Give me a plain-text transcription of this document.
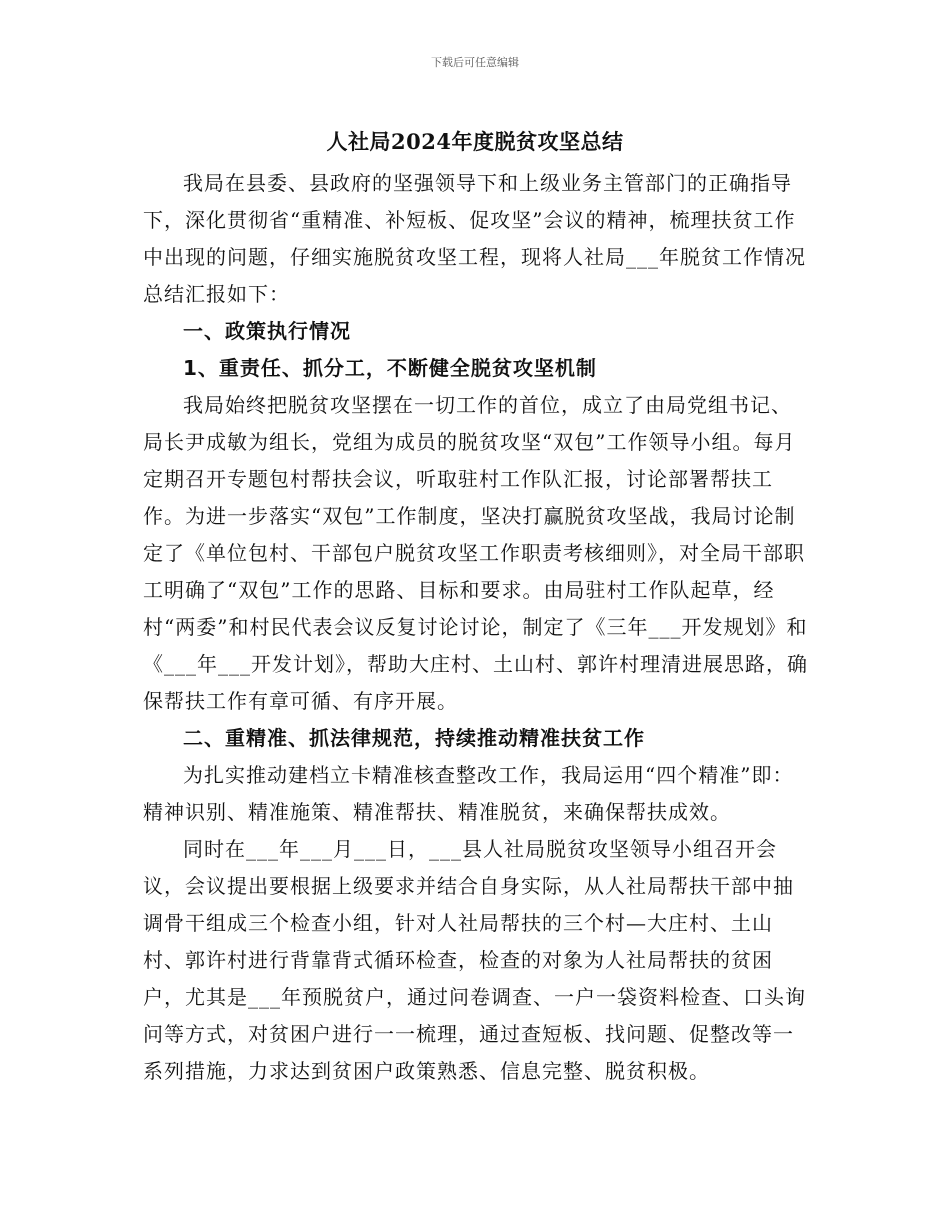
下载后可任意编辑
人社局2024年度脱贫攻坚总结

我局在县委、县政府的坚强领导下和上级业务主管部门的正确指导下，深化贯彻省“重精准、补短板、促攻坚”会议的精神，梳理扶贫工作中出现的问题，仔细实施脱贫攻坚工程，现将人社局___年脱贫工作情况总结汇报如下：

一、政策执行情况

1、重责任、抓分工，不断健全脱贫攻坚机制

我局始终把脱贫攻坚摆在一切工作的首位，成立了由局党组书记、局长尹成敏为组长，党组为成员的脱贫攻坚“双包”工作领导小组。每月定期召开专题包村帮扶会议，听取驻村工作队汇报，讨论部署帮扶工作。为进一步落实“双包”工作制度，坚决打赢脱贫攻坚战，我局讨论制定了《单位包村、干部包户脱贫攻坚工作职责考核细则》，对全局干部职工明确了“双包”工作的思路、目标和要求。由局驻村工作队起草，经村“两委”和村民代表会议反复讨论讨论，制定了《三年___开发规划》和《___年___开发计划》，帮助大庄村、土山村、郭许村理清进展思路，确保帮扶工作有章可循、有序开展。

二、重精准、抓法律规范，持续推动精准扶贫工作

为扎实推动建档立卡精准核查整改工作，我局运用“四个精准”即：精神识别、精准施策、精准帮扶、精准脱贫，来确保帮扶成效。

同时在___年___月___日，___县人社局脱贫攻坚领导小组召开会议，会议提出要根据上级要求并结合自身实际，从人社局帮扶干部中抽调骨干组成三个检查小组，针对人社局帮扶的三个村—大庄村、土山村、郭许村进行背靠背式循环检查，检查的对象为人社局帮扶的贫困户，尤其是___年预脱贫户，通过问卷调查、一户一袋资料检查、口头询问等方式，对贫困户进行一一梳理，通过查短板、找问题、促整改等一系列措施，力求达到贫困户政策熟悉、信息完整、脱贫积极。
